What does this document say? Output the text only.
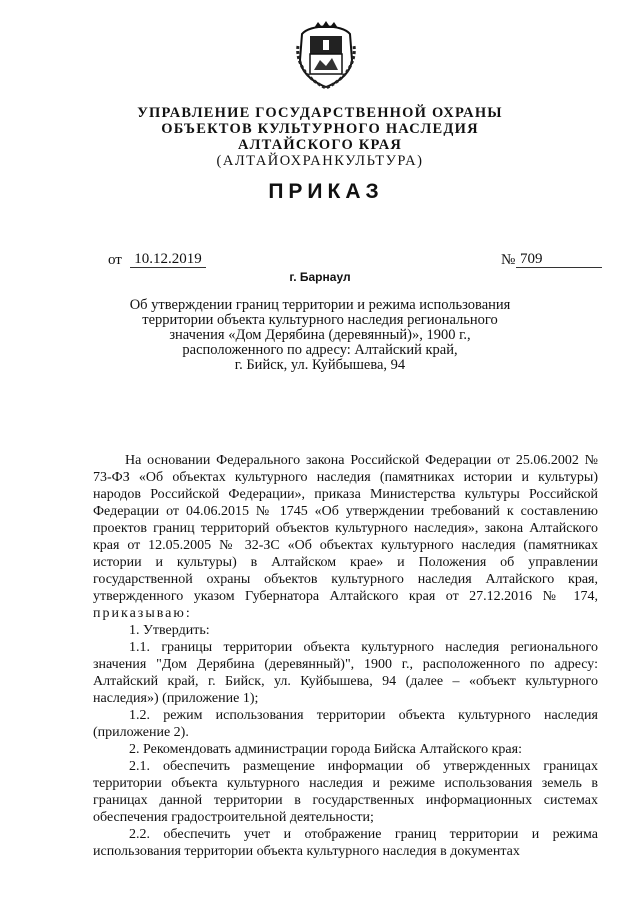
УПРАВЛЕНИЕ ГОСУДАРСТВЕННОЙ ОХРАНЫ
ОБЪЕКТОВ КУЛЬТУРНОГО НАСЛЕДИЯ
АЛТАЙСКОГО КРАЯ
(АЛТАЙОХРАНКУЛЬТУРА)
ПРИКАЗ
от 10.12.2019	№ 709
г. Барнаул
Об утверждении границ территории и режима использования
территории объекта культурного наследия регионального
значения «Дом Дерябина (деревянный)», 1900 г.,
расположенного по адресу: Алтайский край,
г. Бийск, ул. Куйбышева, 94

На основании Федерального закона Российской Федерации от 25.06.2002 № 73-ФЗ «Об объектах культурного наследия (памятниках истории и культуры) народов Российской Федерации», приказа Министерства культуры Российской Федерации от 04.06.2015 № 1745 «Об утверждении требований к составлению проектов границ территорий объектов культурного наследия», закона Алтайского края от 12.05.2005 № 32-ЗС «Об объектах культурного наследия (памятниках истории и культуры) в Алтайском крае» и Положения об управлении государственной охраны объектов культурного наследия Алтайского края, утвержденного указом Губернатора Алтайского края от 27.12.2016 № 174, приказываю:

1. Утвердить:

1.1. границы территории объекта культурного наследия регионального значения "Дом Дерябина (деревянный)", 1900 г., расположенного по адресу: Алтайский край, г. Бийск, ул. Куйбышева, 94 (далее – «объект культурного наследия») (приложение 1);

1.2. режим использования территории объекта культурного наследия (приложение 2).

2. Рекомендовать администрации города Бийска Алтайского края:

2.1. обеспечить размещение информации об утвержденных границах территории объекта культурного наследия и режиме использования земель в границах данной территории в государственных информационных системах обеспечения градостроительной деятельности;

2.2. обеспечить учет и отображение границ территории и режима использования территории объекта культурного наследия в документах
